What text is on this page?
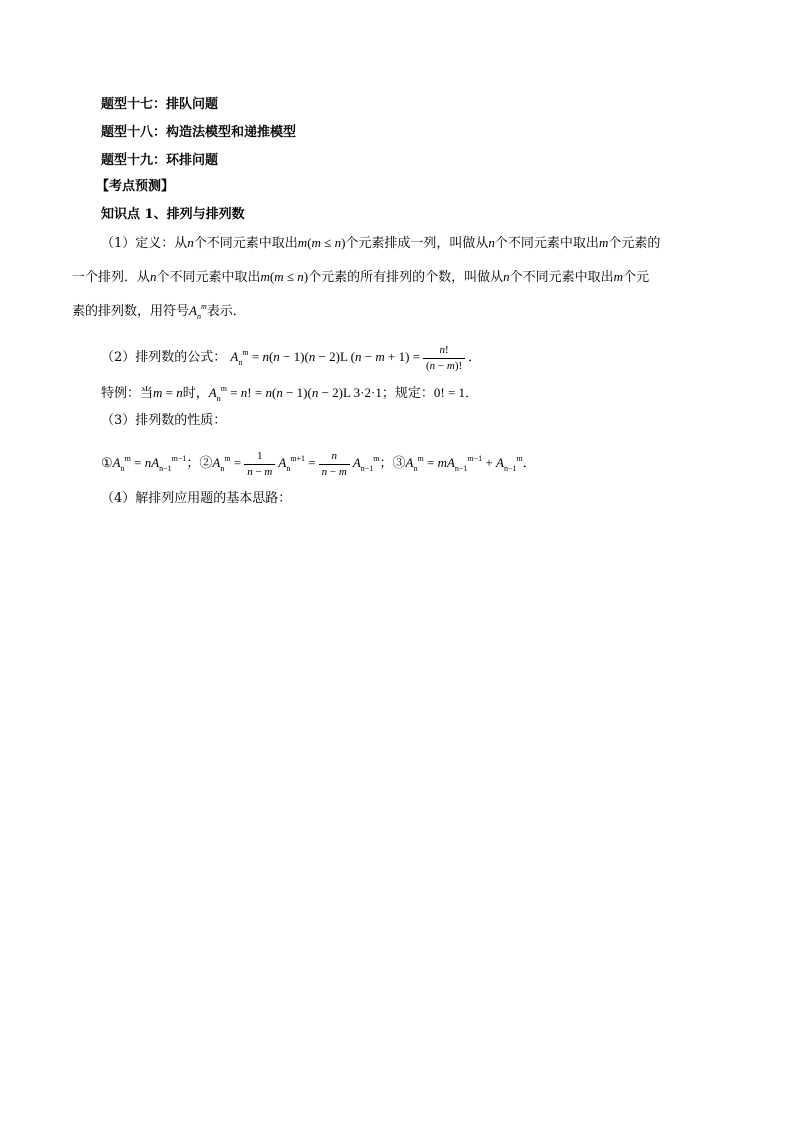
题型十七：排队问题
题型十八：构造法模型和递推模型
题型十九：环排问题
【考点预测】
知识点 1、排列与排列数
（1）定义：从n个不同元素中取出m(m ≤ n)个元素排成一列，叫做从n个不同元素中取出m个元素的
一个排列．从n个不同元素中取出m(m ≤ n)个元素的所有排列的个数，叫做从n个不同元素中取出m个元
素的排列数，用符号$A_n^m$表示．
（2）排列数的公式： $A_n^m = n(n - 1)(n - 2)L$ $(n - m + 1) = \frac{n!}{(n - m)!}$ ．
特例：当m = n时，$A_n^m = n$! = n(n − 1)(n − 2)L 3·2·1；规定：0! = 1．
（3）排列数的性质：
$①A_n^m = nA_{n-1}^{m-1}$；$②A_n^m = \frac{1}{n - m} A_n^{m+1} = \frac{n}{n - m} A_{n-1}^m$；$③A_n^m = mA_{n-1}^{m-1} + A_{n-1}^m$．
（4）解排列应用题的基本思路：
